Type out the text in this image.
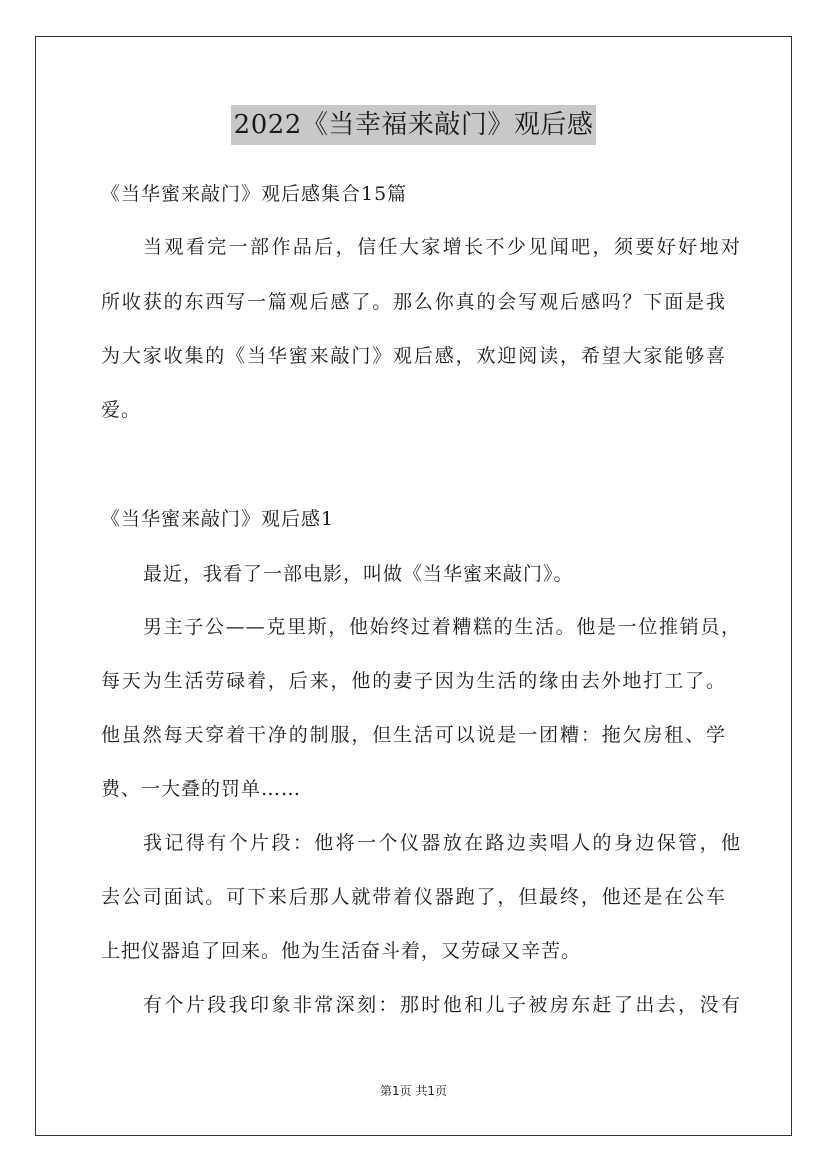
2022《当幸福来敲门》观后感

《当华蜜来敲门》观后感集合15篇

当观看完一部作品后，信任大家增长不少见闻吧，须要好好地对

所收获的东西写一篇观后感了。那么你真的会写观后感吗？下面是我

为大家收集的《当华蜜来敲门》观后感，欢迎阅读，希望大家能够喜

爱。

《当华蜜来敲门》观后感1

最近，我看了一部电影，叫做《当华蜜来敲门》。

男主子公——克里斯，他始终过着糟糕的生活。他是一位推销员，

每天为生活劳碌着，后来，他的妻子因为生活的缘由去外地打工了。

他虽然每天穿着干净的制服，但生活可以说是一团糟：拖欠房租、学

费、一大叠的罚单……

我记得有个片段：他将一个仪器放在路边卖唱人的身边保管，他

去公司面试。可下来后那人就带着仪器跑了，但最终，他还是在公车

上把仪器追了回来。他为生活奋斗着，又劳碌又辛苦。

有个片段我印象非常深刻：那时他和儿子被房东赶了出去，没有

第1页 共1页
